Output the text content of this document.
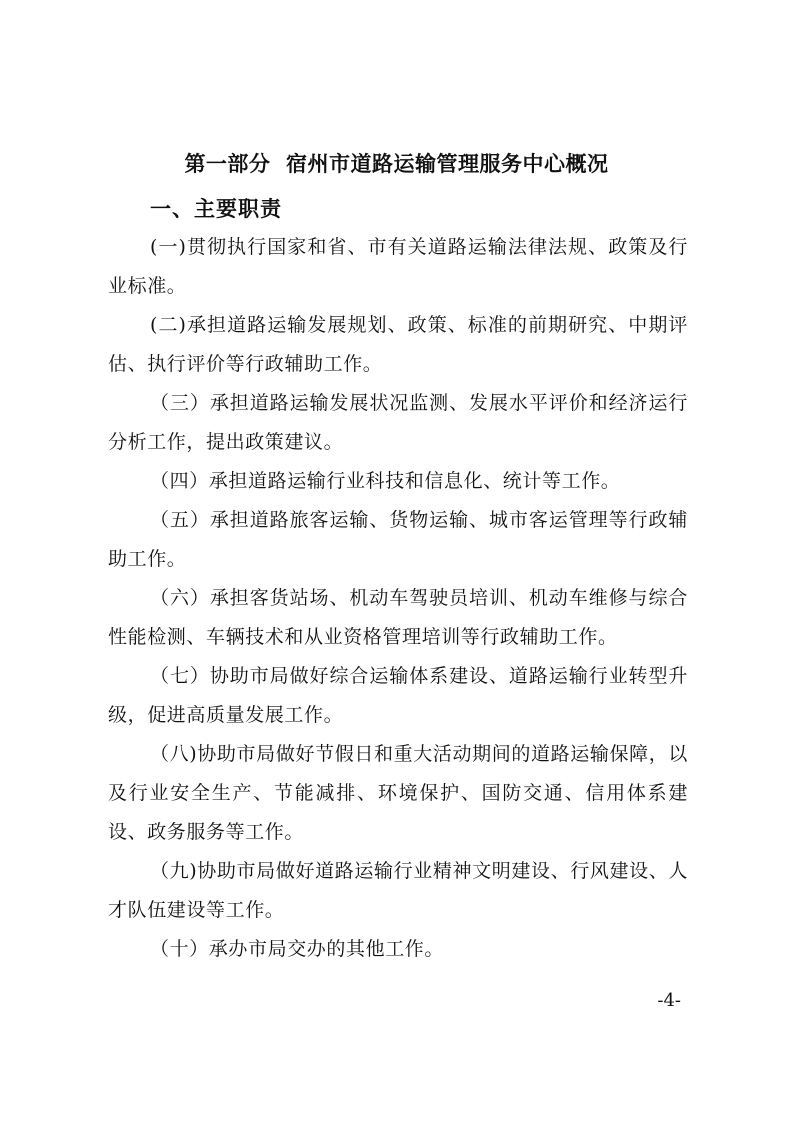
第一部分  宿州市道路运输管理服务中心概况
一、主要职责

(一)贯彻执行国家和省、市有关道路运输法律法规、政策及行业标准。

(二)承担道路运输发展规划、政策、标准的前期研究、中期评估、执行评价等行政辅助工作。

（三）承担道路运输发展状况监测、发展水平评价和经济运行分析工作，提出政策建议。

（四）承担道路运输行业科技和信息化、统计等工作。

（五）承担道路旅客运输、货物运输、城市客运管理等行政辅助工作。

（六）承担客货站场、机动车驾驶员培训、机动车维修与综合性能检测、车辆技术和从业资格管理培训等行政辅助工作。

（七）协助市局做好综合运输体系建设、道路运输行业转型升级，促进高质量发展工作。

（八)协助市局做好节假日和重大活动期间的道路运输保障，以及行业安全生产、节能减排、环境保护、国防交通、信用体系建设、政务服务等工作。

（九)协助市局做好道路运输行业精神文明建设、行风建设、人才队伍建设等工作。

（十）承办市局交办的其他工作。

-4-
